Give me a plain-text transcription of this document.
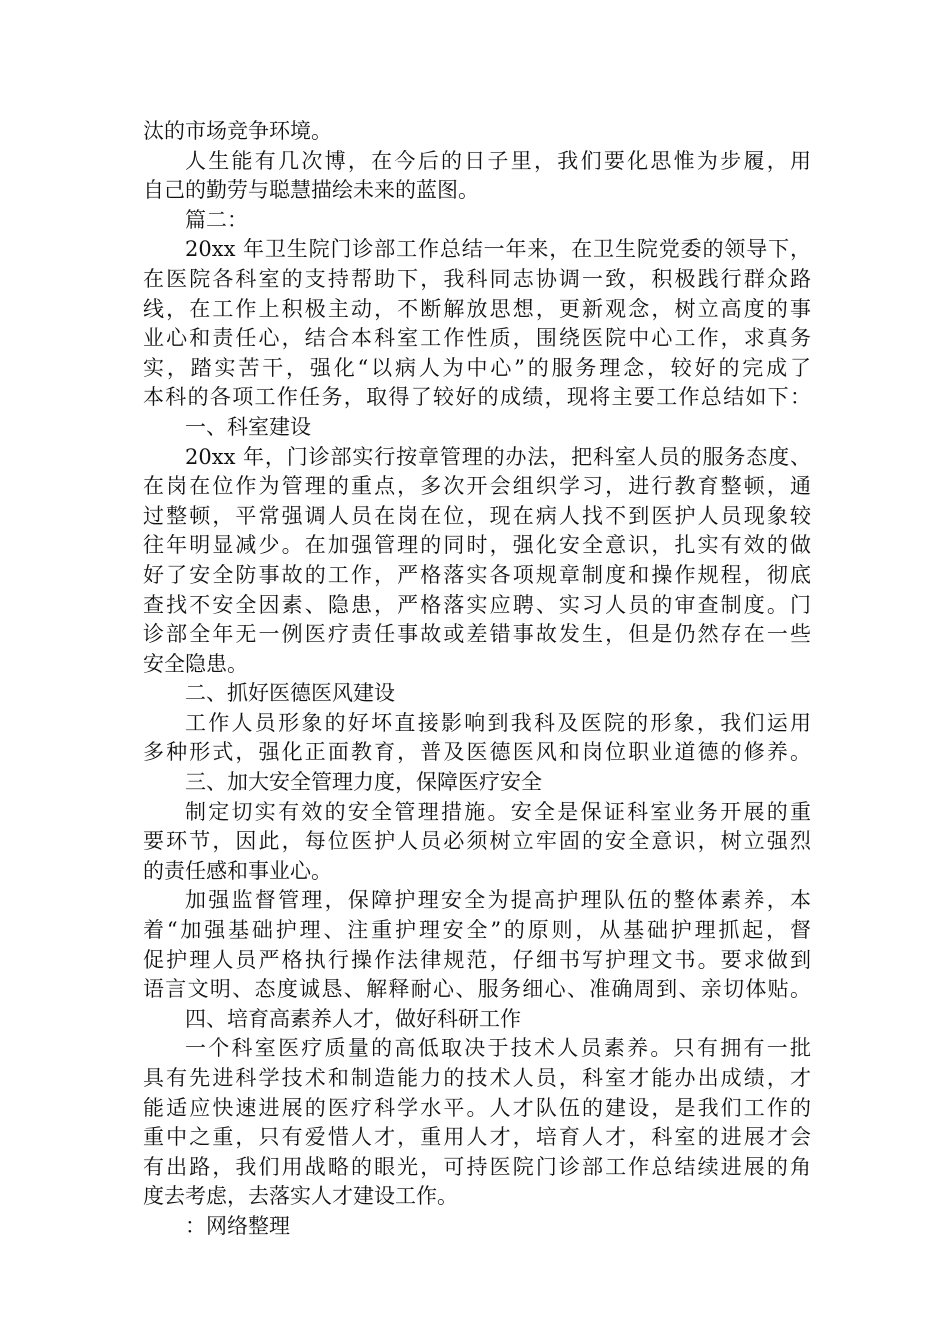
汰的市场竞争环境。
人生能有几次博，在今后的日子里，我们要化思惟为步履，用
自己的勤劳与聪慧描绘未来的蓝图。
篇二：
20xx 年卫生院门诊部工作总结一年来，在卫生院党委的领导下，
在医院各科室的支持帮助下，我科同志协调一致，积极践行群众路
线，在工作上积极主动，不断解放思想，更新观念，树立高度的事
业心和责任心，结合本科室工作性质，围绕医院中心工作，求真务
实，踏实苦干，强化“以病人为中心”的服务理念，较好的完成了
本科的各项工作任务，取得了较好的成绩，现将主要工作总结如下：
一、科室建设
20xx 年，门诊部实行按章管理的办法，把科室人员的服务态度、
在岗在位作为管理的重点，多次开会组织学习，进行教育整顿，通
过整顿，平常强调人员在岗在位，现在病人找不到医护人员现象较
往年明显减少。在加强管理的同时，强化安全意识，扎实有效的做
好了安全防事故的工作，严格落实各项规章制度和操作规程，彻底
查找不安全因素、隐患，严格落实应聘、实习人员的审查制度。门
诊部全年无一例医疗责任事故或差错事故发生，但是仍然存在一些
安全隐患。
二、抓好医德医风建设
工作人员形象的好坏直接影响到我科及医院的形象，我们运用
多种形式，强化正面教育，普及医德医风和岗位职业道德的修养。
三、加大安全管理力度，保障医疗安全
制定切实有效的安全管理措施。安全是保证科室业务开展的重
要环节，因此，每位医护人员必须树立牢固的安全意识，树立强烈
的责任感和事业心。
加强监督管理，保障护理安全为提高护理队伍的整体素养，本
着“加强基础护理、注重护理安全”的原则，从基础护理抓起，督
促护理人员严格执行操作法律规范，仔细书写护理文书。要求做到
语言文明、态度诚恳、解释耐心、服务细心、准确周到、亲切体贴。
四、培育高素养人才，做好科研工作
一个科室医疗质量的高低取决于技术人员素养。只有拥有一批
具有先进科学技术和制造能力的技术人员，科室才能办出成绩，才
能适应快速进展的医疗科学水平。人才队伍的建设，是我们工作的
重中之重，只有爱惜人才，重用人才，培育人才，科室的进展才会
有出路，我们用战略的眼光，可持医院门诊部工作总结续进展的角
度去考虑，去落实人才建设工作。
：网络整理
